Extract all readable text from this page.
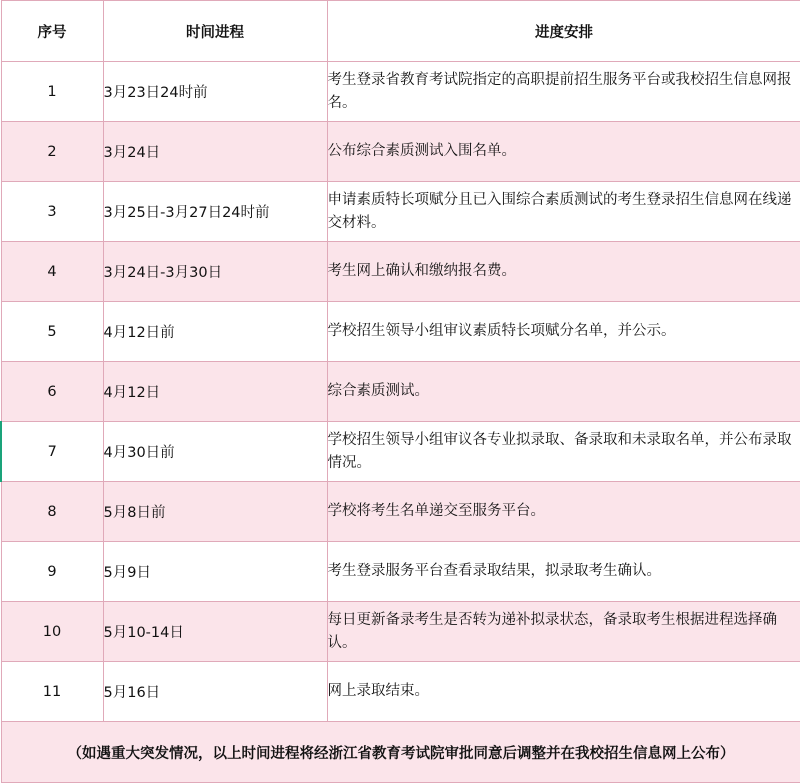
序号	时间进程	进度安排
1	3月23日24时前	考生登录省教育考试院指定的高职提前招生服务平台或我校招生信息网报名。
2	3月24日	公布综合素质测试入围名单。
3	3月25日-3月27日24时前	申请素质特长项赋分且已入围综合素质测试的考生登录招生信息网在线递交材料。
4	3月24日-3月30日	考生网上确认和缴纳报名费。
5	4月12日前	学校招生领导小组审议素质特长项赋分名单，并公示。
6	4月12日	综合素质测试。
7	4月30日前	学校招生领导小组审议各专业拟录取、备录取和未录取名单，并公布录取情况。
8	5月8日前	学校将考生名单递交至服务平台。
9	5月9日	考生登录服务平台查看录取结果，拟录取考生确认。
10	5月10-14日	每日更新备录考生是否转为递补拟录状态，备录取考生根据进程选择确认。
11	5月16日	网上录取结束。
（如遇重大突发情况，以上时间进程将经浙江省教育考试院审批同意后调整并在我校招生信息网上公布）		
